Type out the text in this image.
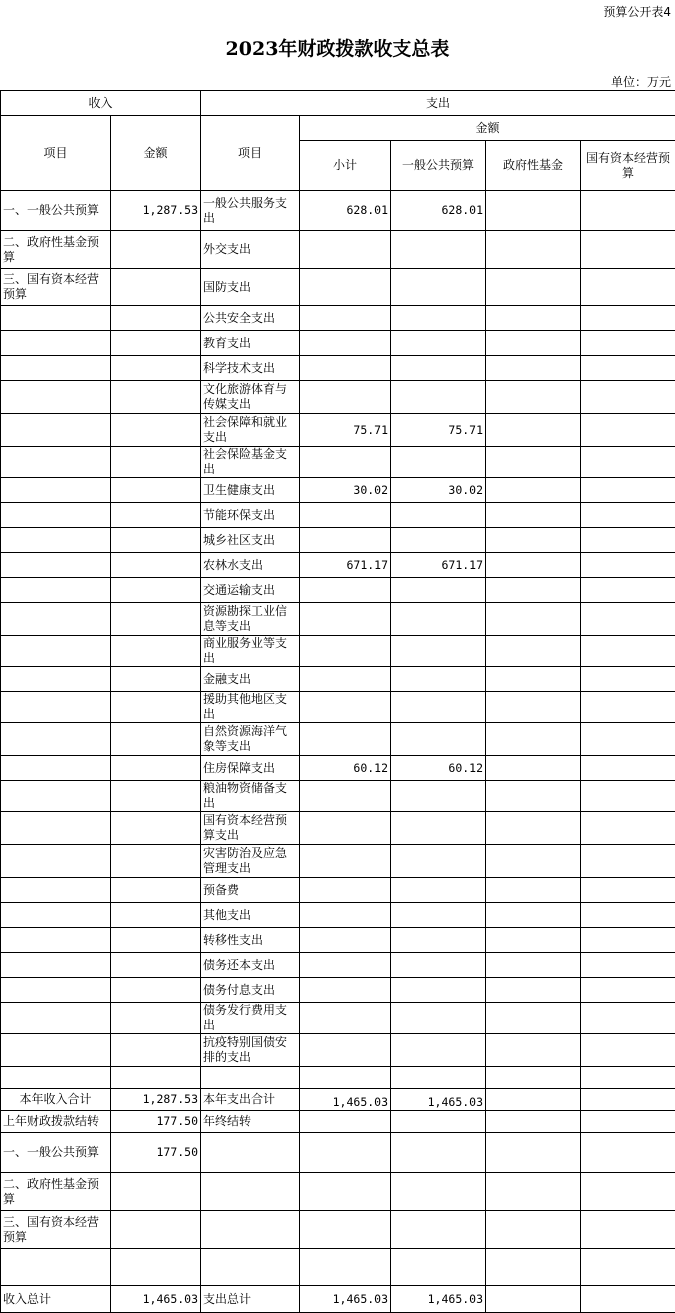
预算公开表4
2023年财政拨款收支总表
单位：万元
收入		支出				
项目	金额	项目	金额			
			小计	一般公共预算	政府性基金	国有资本经营预算
一、一般公共预算	1,287.53	一般公共服务支出	628.01	628.01		
二、政府性基金预算		外交支出				
三、国有资本经营预算		国防支出				
		公共安全支出				
		教育支出				
		科学技术支出				
		文化旅游体育与传媒支出				
		社会保障和就业支出	75.71	75.71		
		社会保险基金支出				
		卫生健康支出	30.02	30.02		
		节能环保支出				
		城乡社区支出				
		农林水支出	671.17	671.17		
		交通运输支出				
		资源勘探工业信息等支出				
		商业服务业等支出				
		金融支出				
		援助其他地区支出				
		自然资源海洋气象等支出				
		住房保障支出	60.12	60.12		
		粮油物资储备支出				
		国有资本经营预算支出				
		灾害防治及应急管理支出				
		预备费				
		其他支出				
		转移性支出				
		债务还本支出				
		债务付息支出				
		债务发行费用支出				
		抗疫特别国债安排的支出				

本年收入合计	1,287.53	本年支出合计	1,465.03	1,465.03		
上年财政拨款结转	177.50	年终结转				
一、一般公共预算	177.50					
二、政府性基金预算						
三、国有资本经营预算						

收入总计	1,465.03	支出总计	1,465.03	1,465.03		
